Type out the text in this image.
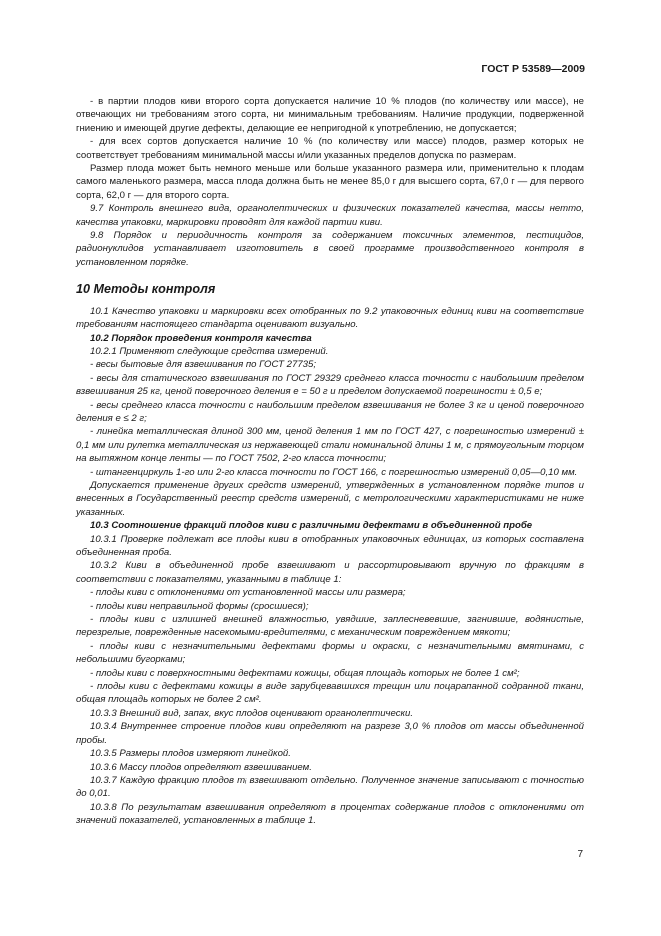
ГОСТ Р 53589—2009

- в партии плодов киви второго сорта допускается наличие 10 % плодов (по количеству или массе), не отвечающих ни требованиям этого сорта, ни минимальным требованиям. Наличие продукции, подверженной гниению и имеющей другие дефекты, делающие ее непригодной к употреблению, не допускается;

- для всех сортов допускается наличие 10 % (по количеству или массе) плодов, размер которых не соответствует требованиям минимальной массы и/или указанных пределов допуска по размерам.

Размер плода может быть немного меньше или больше указанного размера или, применительно к плодам самого маленького размера, масса плода должна быть не менее 85,0 г для высшего сорта, 67,0 г — для первого сорта, 62,0 г — для второго сорта.

9.7 Контроль внешнего вида, органолептических и физических показателей качества, массы нетто, качества упаковки, маркировки проводят для каждой партии киви.

9.8 Порядок и периодичность контроля за содержанием токсичных элементов, пестицидов, радионуклидов устанавливает изготовитель в своей программе производственного контроля в установленном порядке.

10 Методы контроля

10.1 Качество упаковки и маркировки всех отобранных по 9.2 упаковочных единиц киви на соответствие требованиям настоящего стандарта оценивают визуально.

10.2 Порядок проведения контроля качества

10.2.1 Применяют следующие средства измерений.

- весы бытовые для взвешивания по ГОСТ 27735;

- весы для статического взвешивания по ГОСТ 29329 среднего класса точности с наибольшим пределом взвешивания 25 кг, ценой поверочного деления e = 50 г и пределом допускаемой погрешности ± 0,5 e;

- весы среднего класса точности с наибольшим пределом взвешивания не более 3 кг и ценой поверочного деления e ≤ 2 г;

- линейка металлическая длиной 300 мм, ценой деления 1 мм по ГОСТ 427, с погрешностью измерений ± 0,1 мм или рулетка металлическая из нержавеющей стали номинальной длины 1 м, с прямоугольным торцом на вытяжном конце ленты — по ГОСТ 7502, 2-го класса точности;

- штангенциркуль 1-го или 2-го класса точности по ГОСТ 166, с погрешностью измерений 0,05—0,10 мм.

Допускается применение других средств измерений, утвержденных в установленном порядке типов и внесенных в Государственный реестр средств измерений, с метрологическими характеристиками не ниже указанных.

10.3 Соотношение фракций плодов киви с различными дефектами в объединенной пробе

10.3.1 Проверке подлежат все плоды киви в отобранных упаковочных единицах, из которых составлена объединенная проба.

10.3.2 Киви в объединенной пробе взвешивают и рассортировывают вручную по фракциям в соответствии с показателями, указанными в таблице 1:

- плоды киви с отклонениями от установленной массы или размера;

- плоды киви неправильной формы (сросшиеся);

- плоды киви с излишней внешней влажностью, увядшие, заплесневевшие, загнившие, водянистые, перезрелые, поврежденные насекомыми-вредителями, с механическим повреждением мякоти;

- плоды киви с незначительными дефектами формы и окраски, с незначительными вмятинами, с небольшими бугорками;

- плоды киви с поверхностными дефектами кожицы, общая площадь которых не более 1 см²;

- плоды киви с дефектами кожицы в виде зарубцевавшихся трещин или поцарапанной содранной ткани, общая площадь которых не более 2 см².

10.3.3 Внешний вид, запах, вкус плодов оценивают органолептически.

10.3.4 Внутреннее строение плодов киви определяют на разрезе 3,0 % плодов от массы объединенной пробы.

10.3.5 Размеры плодов измеряют линейкой.

10.3.6 Массу плодов определяют взвешиванием.

10.3.7 Каждую фракцию плодов mᵢ взвешивают отдельно. Полученное значение записывают с точностью до 0,01.

10.3.8 По результатам взвешивания определяют в процентах содержание плодов с отклонениями от значений показателей, установленных в таблице 1.

7
